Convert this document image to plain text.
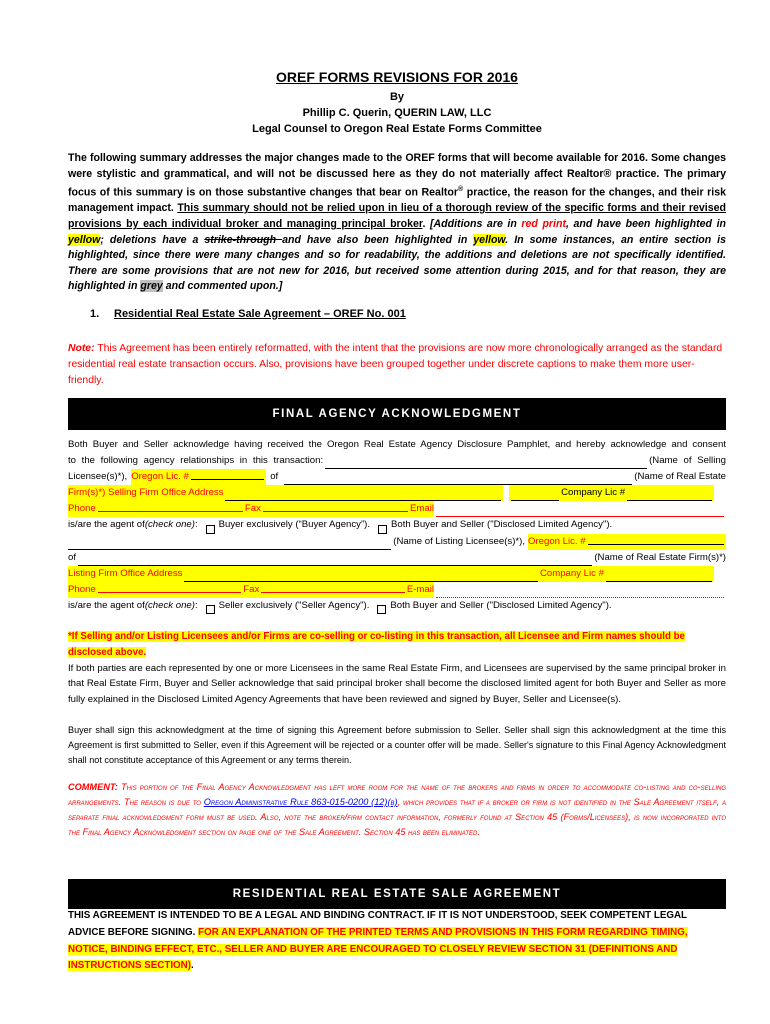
OREF FORMS REVISIONS FOR 2016
By
Phillip C. Querin, QUERIN LAW, LLC
Legal Counsel to Oregon Real Estate Forms Committee
The following summary addresses the major changes made to the OREF forms that will become available for 2016. Some changes were stylistic and grammatical, and will not be discussed here as they do not materially affect Realtor® practice. The primary focus of this summary is on those substantive changes that bear on Realtor® practice, the reason for the changes, and their risk management impact. This summary should not be relied upon in lieu of a thorough review of the specific forms and their revised provisions by each individual broker and managing principal broker. [Additions are in red print, and have been highlighted in yellow; deletions have a strike-through and have also been highlighted in yellow. In some instances, an entire section is highlighted, since there were many changes and so for readability, the additions and deletions are not specifically identified. There are some provisions that are not new for 2016, but received some attention during 2015, and for that reason, they are highlighted in grey and commented upon.]
1. Residential Real Estate Sale Agreement – OREF No. 001
Note: This Agreement has been entirely reformatted, with the intent that the provisions are now more chronologically arranged as the standard residential real estate transaction occurs. Also, provisions have been grouped together under discrete captions to make them more user-friendly.
FINAL AGENCY ACKNOWLEDGMENT
Both Buyer and Seller acknowledge having received the Oregon Real Estate Agency Disclosure Pamphlet, and hereby acknowledge and consent
to the following agency relationships in this transaction:	(Name of Selling
Licensee(s)*), Oregon Lic. #	of	(Name of Real Estate
Firm(s)*) Selling Firm Office Address	Company Lic #
Phone	Fax	Email
is/are the agent of (check one) : Buyer exclusively (“Buyer Agency”). Both Buyer and Seller ("Disclosed Limited Agency").
(Name of Listing Licensee(s)*), Oregon Lic. #
of	(Name of Real Estate Firm(s)*)
Listing Firm Office Address	Company Lic #
Phone	Fax	E-mail
is/are the agent of (check one) : Seller exclusively ("Seller Agency"). Both Buyer and Seller ("Disclosed Limited Agency").
*If Selling and/or Listing Licensees and/or Firms are co-selling or co-listing in this transaction, all Licensee and Firm names should be disclosed above.
If both parties are each represented by one or more Licensees in the same Real Estate Firm, and Licensees are supervised by the same principal broker in that Real Estate Firm, Buyer and Seller acknowledge that said principal broker shall become the disclosed limited agent for both Buyer and Seller as more fully explained in the Disclosed Limited Agency Agreements that have been reviewed and signed by Buyer, Seller and Licensee(s).
Buyer shall sign this acknowledgment at the time of signing this Agreement before submission to Seller. Seller shall sign this acknowledgment at the time this Agreement is first submitted to Seller, even if this Agreement will be rejected or a counter offer will be made. Seller's signature to this Final Agency Acknowledgment shall not constitute acceptance of this Agreement or any terms therein.
COMMENT: This portion of the Final Agency Acknowledgment has left more room for the name of the brokers and firms in order to accommodate co-listing and co-selling arrangements. The reason is due to Oregon Administrative Rule 863-015-0200 (12)(b), which provides that if a broker or firm is not identified in the Sale Agreement itself, a separate final acknowledgment form must be used. Also, note the broker/firm contact information, formerly found at Section 45 (Forms/Licensees), is now incorporated into the Final Agency Acknowledgment section on page one of the Sale Agreement. Section 45 has been eliminated.
RESIDENTIAL REAL ESTATE SALE AGREEMENT
THIS AGREEMENT IS INTENDED TO BE A LEGAL AND BINDING CONTRACT. IF IT IS NOT UNDERSTOOD, SEEK COMPETENT LEGAL ADVICE BEFORE SIGNING. FOR AN EXPLANATION OF THE PRINTED TERMS AND PROVISIONS IN THIS FORM REGARDING TIMING, NOTICE, BINDING EFFECT, ETC., SELLER AND BUYER ARE ENCOURAGED TO CLOSELY REVIEW SECTION 31 (DEFINITIONS AND INSTRUCTIONS SECTION).
